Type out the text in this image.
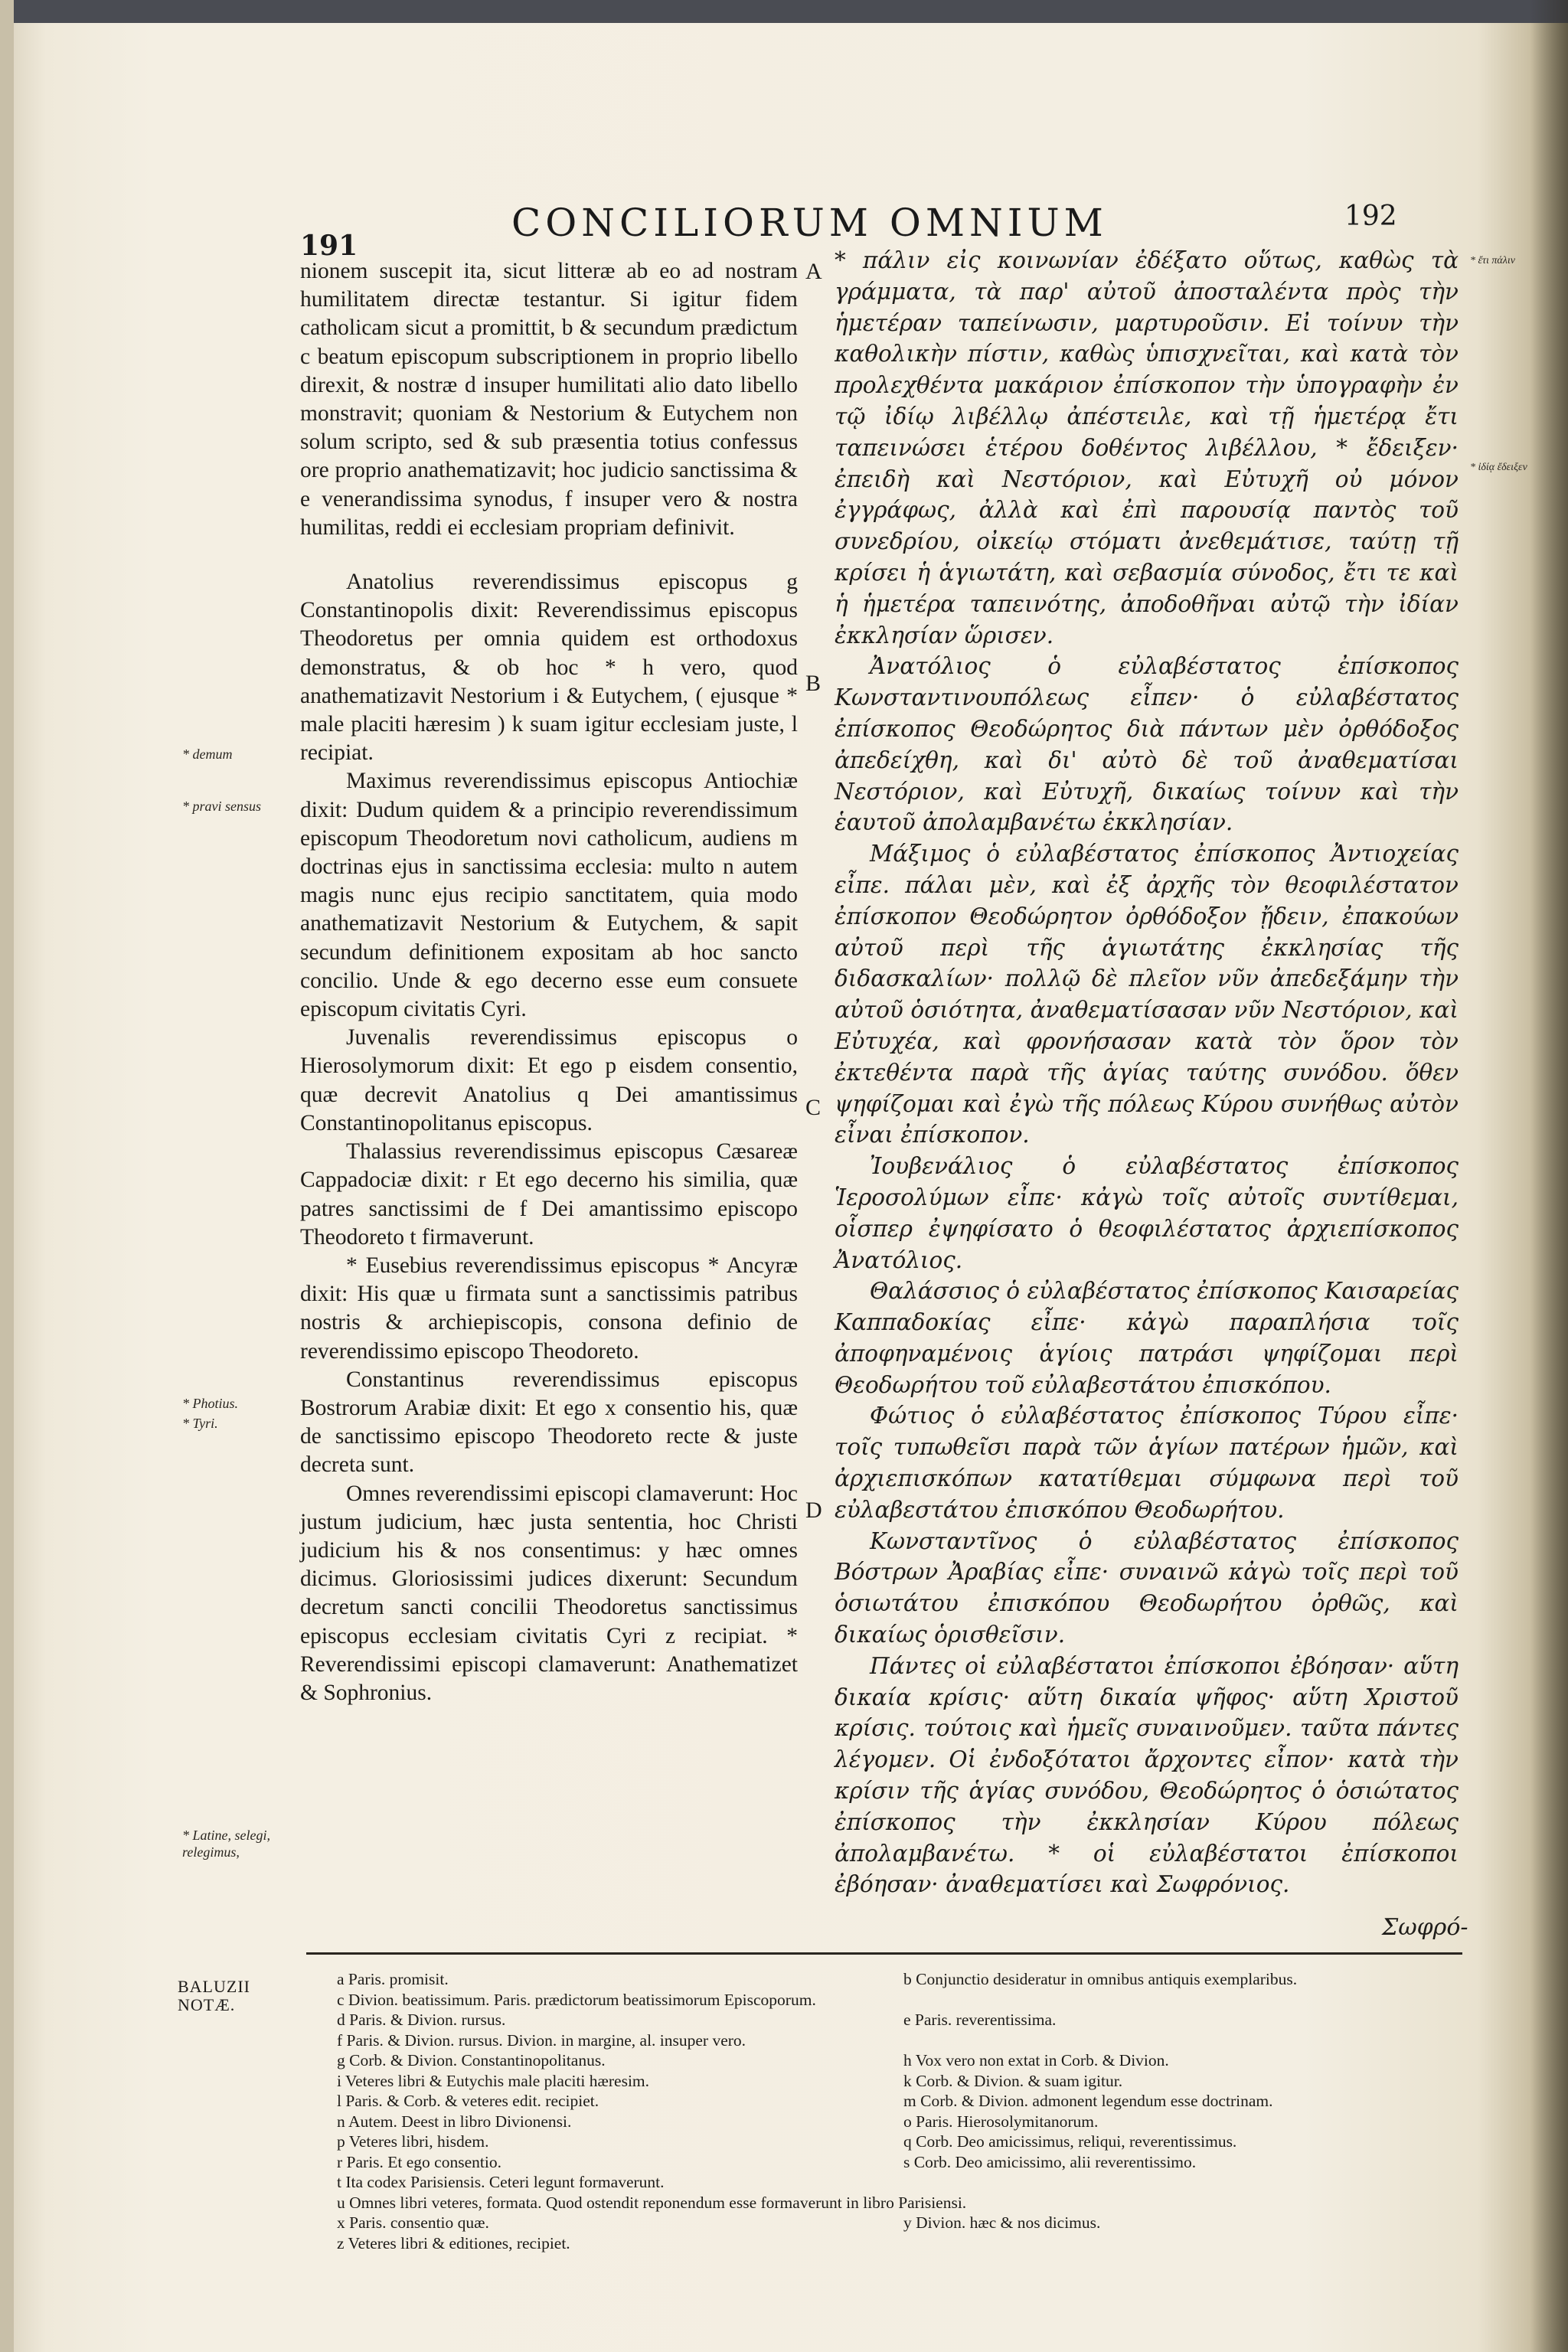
191
CONCILIORUM OMNIUM	192

nionem suscepit ita, sicut litteræ ab eo ad nostram humilitatem directæ testantur. Si igitur fidem catholicam sicut a promittit, b & secundum prædictum c beatum episcopum subscriptionem in proprio libello direxit, & nostræ d insuper humilitati alio dato libello monstravit; quoniam & Nestorium & Eutychem non solum scripto, sed & sub præsentia totius confessus ore proprio anathematizavit; hoc judicio sanctissima & e venerandissima synodus, f insuper vero & nostra humilitas, reddi ei ecclesiam propriam definivit.

Anatolius reverendissimus episcopus g Constantinopolis dixit: Reverendissimus episcopus Theodoretus per omnia quidem est orthodoxus demonstratus, & ob hoc * h vero, quod anathematizavit Nestorium i & Eutychem, ( ejusque * male placiti hæresim ) k suam igitur ecclesiam juste, l recipiat.

Maximus reverendissimus episcopus Antiochiæ dixit: Dudum quidem & a principio reverendissimum episcopum Theodoretum novi catholicum, audiens m doctrinas ejus in sanctissima ecclesia: multo n autem magis nunc ejus recipio sanctitatem, quia modo anathematizavit Nestorium & Eutychem, & sapit secundum definitionem expositam ab hoc sancto concilio. Unde & ego decerno esse eum consuete episcopum civitatis Cyri.

Juvenalis reverendissimus episcopus o Hierosolymorum dixit: Et ego p eisdem consentio, quæ decrevit Anatolius q Dei amantissimus Constantinopolitanus episcopus.

Thalassius reverendissimus episcopus Cæsareæ Cappadociæ dixit: r Et ego decerno his similia, quæ patres sanctissimi de f Dei amantissimo episcopo Theodoreto t firmaverunt.

* Eusebius reverendissimus episcopus * Ancyræ dixit: His quæ u firmata sunt a sanctissimis patribus nostris & archiepiscopis, consona definio de reverendissimo episcopo Theodoreto.

Constantinus reverendissimus episcopus Bostrorum Arabiæ dixit: Et ego x consentio his, quæ de sanctissimo episcopo Theodoreto recte & juste decreta sunt.

Omnes reverendissimi episcopi clamaverunt: Hoc justum judicium, hæc justa sententia, hoc Christi judicium his & nos consentimus: y hæc omnes dicimus. Gloriosissimi judices dixerunt: Secundum decretum sancti concilii Theodoretus sanctissimus episcopus ecclesiam civitatis Cyri z recipiat. * Reverendissimi episcopi clamaverunt: Anathematizet & Sophronius.

* πάλιν εἰς κοινωνίαν ἐδέξατο οὕτως, καθὼς τὰ γράμματα, τὰ παρ' αὐτοῦ ἀποσταλέντα πρὸς τὴν ἡμετέραν ταπείνωσιν, μαρτυροῦσιν. Εἰ τοίνυν τὴν καθολικὴν πίστιν, καθὼς ὑπισχνεῖται, καὶ κατὰ τὸν προλεχθέντα μακάριον ἐπίσκοπον τὴν ὑπογραφὴν ἐν τῷ ἰδίῳ λιβέλλῳ ἀπέστειλε, καὶ τῇ ἡμετέρᾳ ἔτι ταπεινώσει ἑτέρου δοθέντος λιβέλλου, * ἔδειξεν· ἐπειδὴ καὶ Νεστόριον, καὶ Εὐτυχῆ οὐ μόνον ἐγγράφως, ἀλλὰ καὶ ἐπὶ παρουσίᾳ παντὸς τοῦ συνεδρίου, οἰκείῳ στόματι ἀνεθεμάτισε, ταύτῃ τῇ κρίσει ἡ ἁγιωτάτη, καὶ σεβασμία σύνοδος, ἔτι τε καὶ ἡ ἡμετέρα ταπεινότης, ἀποδοθῆναι αὐτῷ τὴν ἰδίαν ἐκκλησίαν ὥρισεν.

Ἀνατόλιος ὁ εὐλαβέστατος ἐπίσκοπος Κωνσταντινουπόλεως εἶπεν· ὁ εὐλαβέστατος ἐπίσκοπος Θεοδώρητος διὰ πάντων μὲν ὀρθόδοξος ἀπεδείχθη, καὶ δι' αὐτὸ δὲ τοῦ ἀναθεματίσαι Νεστόριον, καὶ Εὐτυχῆ, δικαίως τοίνυν καὶ τὴν ἑαυτοῦ ἀπολαμβανέτω ἐκκλησίαν.

Μάξιμος ὁ εὐλαβέστατος ἐπίσκοπος Ἀντιοχείας εἶπε. πάλαι μὲν, καὶ ἐξ ἀρχῆς τὸν θεοφιλέστατον ἐπίσκοπον Θεοδώρητον ὀρθόδοξον ᾔδειν, ἐπακούων αὐτοῦ περὶ τῆς ἁγιωτάτης ἐκκλησίας τῆς διδασκαλίων· πολλῷ δὲ πλεῖον νῦν ἀπεδεξάμην τὴν αὐτοῦ ὁσιότητα, ἀναθεματίσασαν νῦν Νεστόριον, καὶ Εὐτυχέα, καὶ φρονήσασαν κατὰ τὸν ὅρον τὸν ἐκτεθέντα παρὰ τῆς ἁγίας ταύτης συνόδου. ὅθεν ψηφίζομαι καὶ ἐγὼ τῆς πόλεως Κύρου συνήθως αὐτὸν εἶναι ἐπίσκοπον.

Ἰουβενάλιος ὁ εὐλαβέστατος ἐπίσκοπος Ἱεροσολύμων εἶπε· κἀγὼ τοῖς αὐτοῖς συντίθεμαι, οἷσπερ ἐψηφίσατο ὁ θεοφιλέστατος ἀρχιεπίσκοπος Ἀνατόλιος.

Θαλάσσιος ὁ εὐλαβέστατος ἐπίσκοπος Καισαρείας Καππαδοκίας εἶπε· κἀγὼ παραπλήσια τοῖς ἀποφηναμένοις ἁγίοις πατράσι ψηφίζομαι περὶ Θεοδωρήτου τοῦ εὐλαβεστάτου ἐπισκόπου.

Φώτιος ὁ εὐλαβέστατος ἐπίσκοπος Τύρου εἶπε· τοῖς τυπωθεῖσι παρὰ τῶν ἁγίων πατέρων ἡμῶν, καὶ ἀρχιεπισκόπων κατατίθεμαι σύμφωνα περὶ τοῦ εὐλαβεστάτου ἐπισκόπου Θεοδωρήτου.

Κωνσταντῖνος ὁ εὐλαβέστατος ἐπίσκοπος Βόστρων Ἀραβίας εἶπε· συναινῶ κἀγὼ τοῖς περὶ τοῦ ὁσιωτάτου ἐπισκόπου Θεοδωρήτου ὀρθῶς, καὶ δικαίως ὁρισθεῖσιν.

Πάντες οἱ εὐλαβέστατοι ἐπίσκοποι ἐβόησαν· αὕτη δικαία κρίσις· αὕτη δικαία ψῆφος· αὕτη Χριστοῦ κρίσις. τούτοις καὶ ἡμεῖς συναινοῦμεν. ταῦτα πάντες λέγομεν. Οἱ ἐνδοξότατοι ἄρχοντες εἶπον· κατὰ τὴν κρίσιν τῆς ἁγίας συνόδου, Θεοδώρητος ὁ ὁσιώτατος ἐπίσκοπος τὴν ἐκκλησίαν Κύρου πόλεως ἀπολαμβανέτω. * οἱ εὐλαβέστατοι ἐπίσκοποι ἐβόησαν· ἀναθεματίσει καὶ Σωφρόνιος.

A
B
C
D
* demum
* pravi sensus
* Photius.
* Tyri.
* Latine, selegi, relegimus,
* ἔτι πάλιν
* ἰδίᾳ ἔδειξεν
Σωφρό-
BALUZII
NOTÆ.
a Paris. promisit.	b Conjunctio desideratur in omnibus antiquis exemplaribus.
c Divion. beatissimum. Paris. prædictorum beatissimorum Episcoporum.
d Paris. & Divion. rursus.	e Paris. reverentissima.
f Paris. & Divion. rursus. Divion. in margine, al. insuper vero.
g Corb. & Divion. Constantinopolitanus.	h Vox vero non extat in Corb. & Divion.
i Veteres libri & Eutychis male placiti hæresim.	k Corb. & Divion. & suam igitur.
l Paris. & Corb. & veteres edit. recipiet.	m Corb. & Divion. admonent legendum esse doctrinam.
n Autem. Deest in libro Divionensi.	o Paris. Hierosolymitanorum.
p Veteres libri, hisdem.	q Corb. Deo amicissimus, reliqui, reverentissimus.
r Paris. Et ego consentio.	s Corb. Deo amicissimo, alii reverentissimo.
t Ita codex Parisiensis. Ceteri legunt formaverunt.
u Omnes libri veteres, formata. Quod ostendit reponendum esse formaverunt in libro Parisiensi.
x Paris. consentio quæ.	y Divion. hæc & nos dicimus.
z Veteres libri & editiones, recipiet.
